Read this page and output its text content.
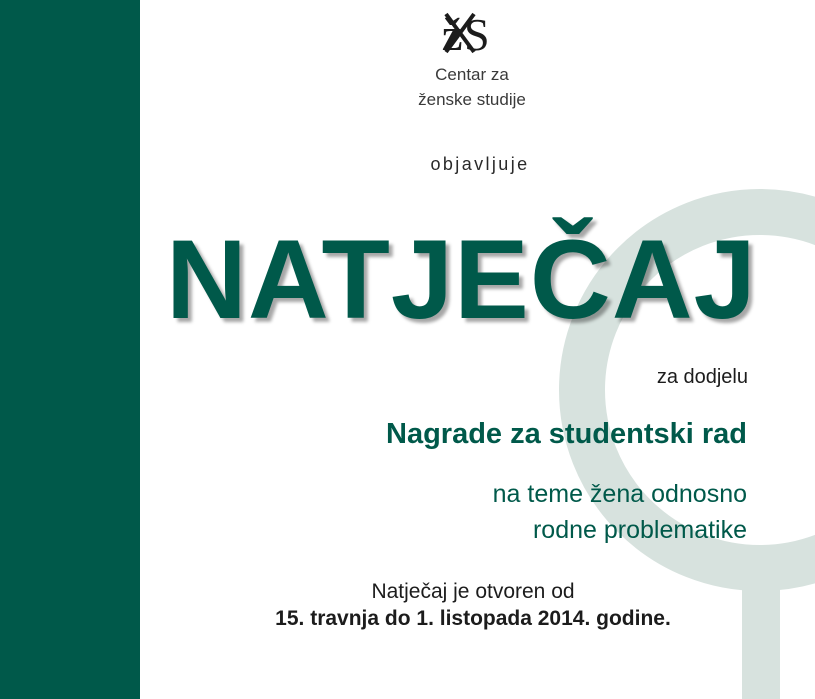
ž S
Centar za
ženske studije
objavljuje
NATJEČAJ
za dodjelu
Nagrade za studentski rad
na teme žena odnosno
rodne problematike
Natječaj je otvoren od
15. travnja do 1. listopada 2014. godine.
